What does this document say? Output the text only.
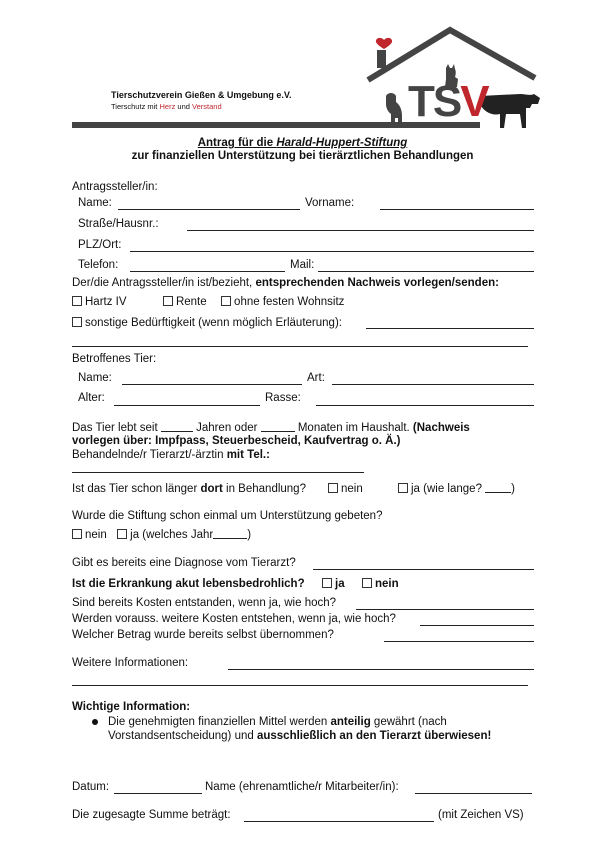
TSV
Tierschutzverein Gießen & Umgebung e.V.
Tierschutz mit Herz und Verstand
Antrag für die Harald-Huppert-Stiftung
zur finanziellen Unterstützung bei tierärztlichen Behandlungen
Antragssteller/in:
Name:	Vorname:
Straße/Hausnr.:
PLZ/Ort:
Telefon:	Mail:
Der/die Antragssteller/in ist/bezieht, entsprechenden Nachweis vorlegen/senden:
Hartz IV	Rente ohne festen Wohnsitz
sonstige Bedürftigkeit (wenn möglich Erläuterung):
Betroffenes Tier:
Name:	Art:
Alter:	Rasse:
Das Tier lebt seit	Jahren oder	Monaten im Haushalt. (Nachweis
vorlegen über: Impfpass, Steuerbescheid, Kaufvertrag o. Ä.)
Behandelnde/r Tierarzt/-ärztin mit Tel.:
Ist das Tier schon länger dort in Behandlung?	nein	ja (wie lange?	)
Wurde die Stiftung schon einmal um Unterstützung gebeten?
nein ja (welches Jahr	)
Gibt es bereits eine Diagnose vom Tierarzt?
Ist die Erkrankung akut lebensbedrohlich?	ja	nein
Sind bereits Kosten entstanden, wenn ja, wie hoch?
Werden vorauss. weitere Kosten entstehen, wenn ja, wie hoch?
Welcher Betrag wurde bereits selbst übernommen?
Weitere Informationen:
Wichtige Information:
Die genehmigten finanziellen Mittel werden anteilig gewährt (nach
Vorstandsentscheidung) und ausschließlich an den Tierarzt überwiesen!
Datum:	Name (ehrenamtliche/r Mitarbeiter/in):
Die zugesagte Summe beträgt:	(mit Zeichen VS)
